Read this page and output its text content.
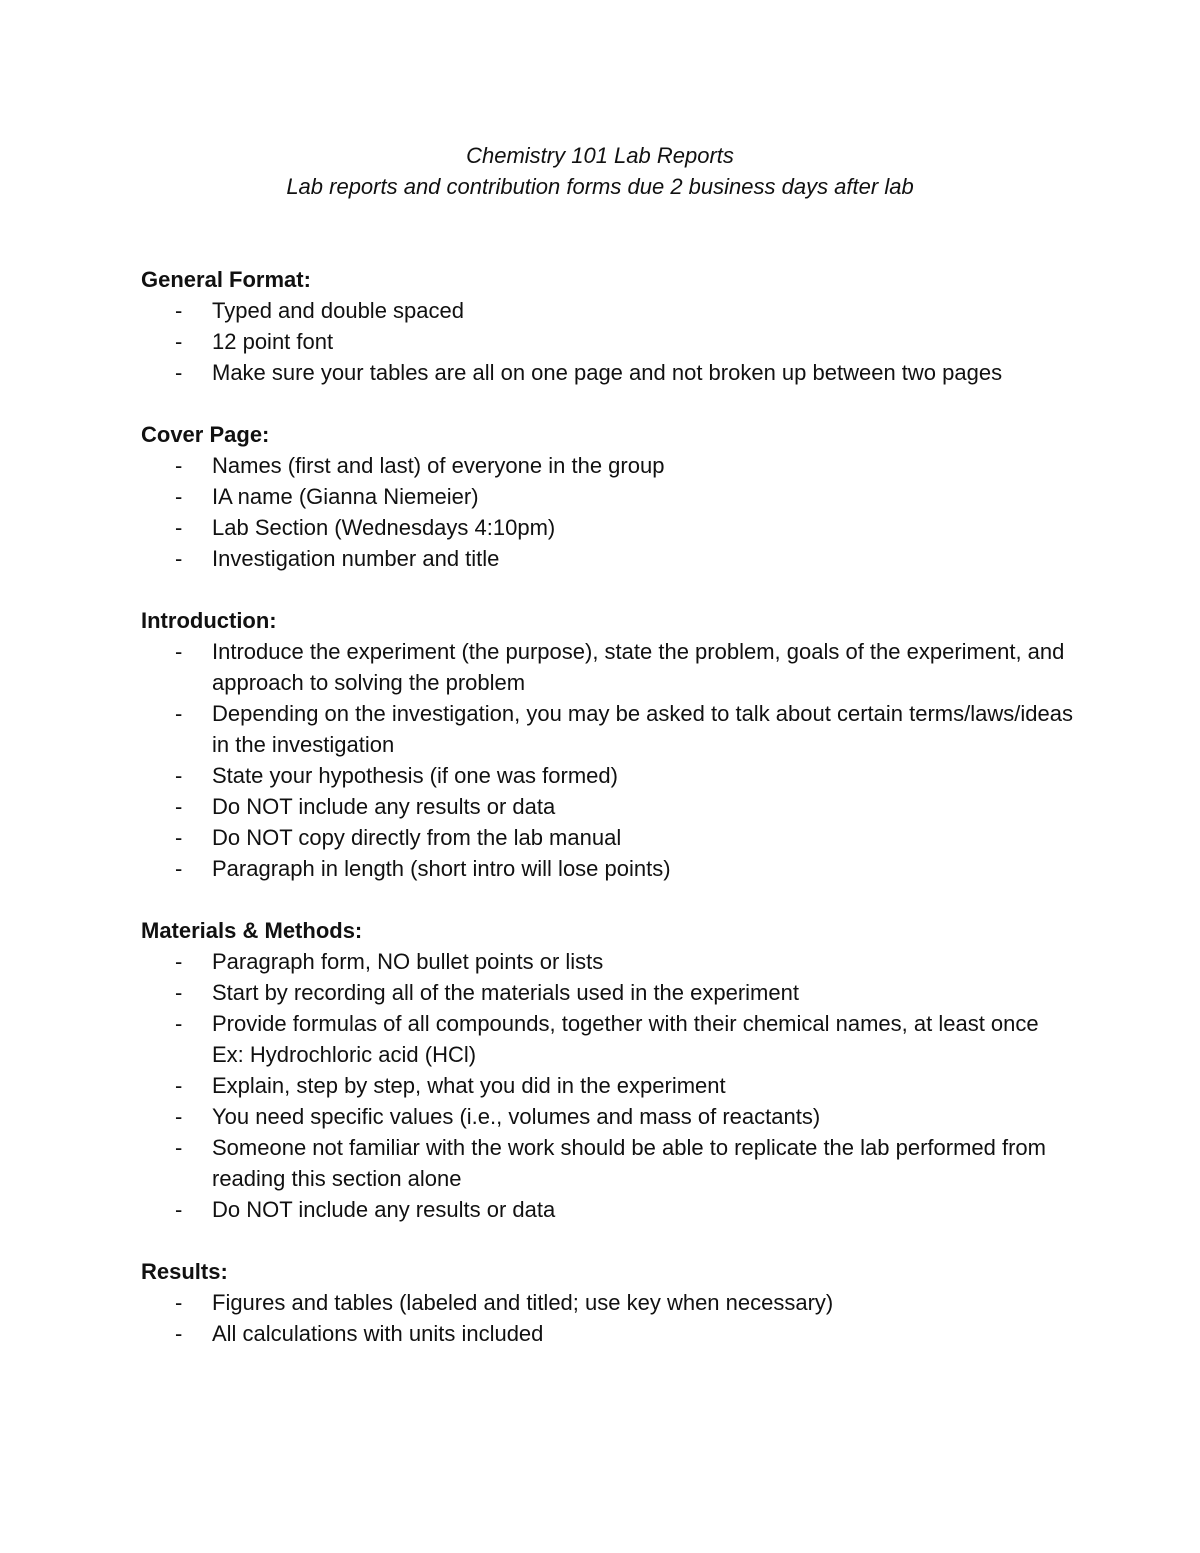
Chemistry 101 Lab Reports
Lab reports and contribution forms due 2 business days after lab
General Format:
- Typed and double spaced
- 12 point font
- Make sure your tables are all on one page and not broken up between two pages
Cover Page:
- Names (first and last) of everyone in the group
- IA name (Gianna Niemeier)
- Lab Section (Wednesdays 4:10pm)
- Investigation number and title
Introduction:
- Introduce the experiment (the purpose), state the problem, goals of the experiment, and approach to solving the problem
- Depending on the investigation, you may be asked to talk about certain terms/laws/ideas in the investigation
- State your hypothesis (if one was formed)
- Do NOT include any results or data
- Do NOT copy directly from the lab manual
- Paragraph in length (short intro will lose points)
Materials & Methods:
- Paragraph form, NO bullet points or lists
- Start by recording all of the materials used in the experiment
- Provide formulas of all compounds, together with their chemical names, at least once
Ex: Hydrochloric acid (HCl)
- Explain, step by step, what you did in the experiment
- You need specific values (i.e., volumes and mass of reactants)
- Someone not familiar with the work should be able to replicate the lab performed from reading this section alone
- Do NOT include any results or data
Results:
- Figures and tables (labeled and titled; use key when necessary)
- All calculations with units included
